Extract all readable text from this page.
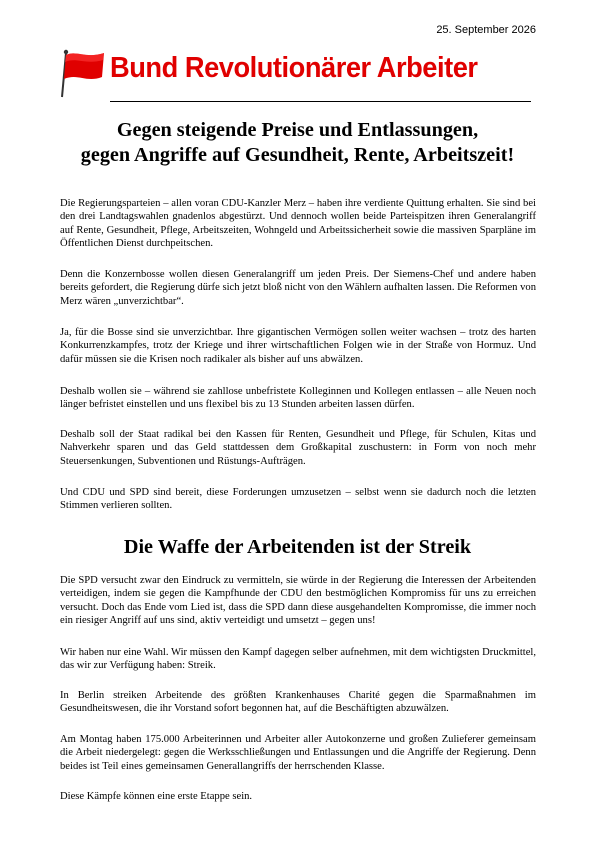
25. September 2026
Bund Revolutionärer Arbeiter
Gegen steigende Preise und Entlassungen,
gegen Angriffe auf Gesundheit, Rente, Arbeitszeit!

Die Regierungsparteien – allen voran CDU-Kanzler Merz – haben ihre verdiente Quittung erhalten. Sie sind bei den drei Landtagswahlen gnadenlos abgestürzt. Und dennoch wollen beide Parteispitzen ihren Generalangriff auf Rente, Gesundheit, Pflege, Arbeitszeiten, Wohngeld und Arbeitssicherheit sowie die massiven Sparpläne im Öffentlichen Dienst durchpeitschen.

Denn die Konzernbosse wollen diesen Generalangriff um jeden Preis. Der Siemens-Chef und andere haben bereits gefordert, die Regierung dürfe sich jetzt bloß nicht von den Wählern aufhalten lassen. Die Reformen von Merz wären „unverzichtbar“.

Ja, für die Bosse sind sie unverzichtbar. Ihre gigantischen Vermögen sollen weiter wachsen – trotz des harten Konkurrenzkampfes, trotz der Kriege und ihrer wirtschaftlichen Folgen wie in der Straße von Hormuz. Und dafür müssen sie die Krisen noch radikaler als bisher auf uns abwälzen.

Deshalb wollen sie – während sie zahllose unbefristete Kolleginnen und Kollegen entlassen – alle Neuen noch länger befristet einstellen und uns flexibel bis zu 13 Stunden arbeiten lassen dürfen.

Deshalb soll der Staat radikal bei den Kassen für Renten, Gesundheit und Pflege, für Schulen, Kitas und Nahverkehr sparen und das Geld stattdessen dem Großkapital zuschustern: in Form von noch mehr Steuersenkungen, Subventionen und Rüstungs-Aufträgen.

Und CDU und SPD sind bereit, diese Forderungen umzusetzen – selbst wenn sie dadurch noch die letzten Stimmen verlieren sollten.

Die Waffe der Arbeitenden ist der Streik

Die SPD versucht zwar den Eindruck zu vermitteln, sie würde in der Regierung die Interessen der Arbeitenden verteidigen, indem sie gegen die Kampfhunde der CDU den bestmöglichen Kompromiss für uns zu erreichen versucht. Doch das Ende vom Lied ist, dass die SPD dann diese ausgehandelten Kompromisse, die immer noch ein riesiger Angriff auf uns sind, aktiv verteidigt und umsetzt – gegen uns!

Wir haben nur eine Wahl. Wir müssen den Kampf dagegen selber aufnehmen, mit dem wichtigsten Druckmittel, das wir zur Verfügung haben: Streik.

In Berlin streiken Arbeitende des größten Krankenhauses Charité gegen die Sparmaßnahmen im Gesundheitswesen, die ihr Vorstand sofort begonnen hat, auf die Beschäftigten abzuwälzen.

Am Montag haben 175.000 Arbeiterinnen und Arbeiter aller Autokonzerne und großen Zulieferer gemeinsam die Arbeit niedergelegt: gegen die Werksschließungen und Entlassungen und die Angriffe der Regierung. Denn beides ist Teil eines gemeinsamen Generallangriffs der herrschenden Klasse.

Diese Kämpfe können eine erste Etappe sein.
